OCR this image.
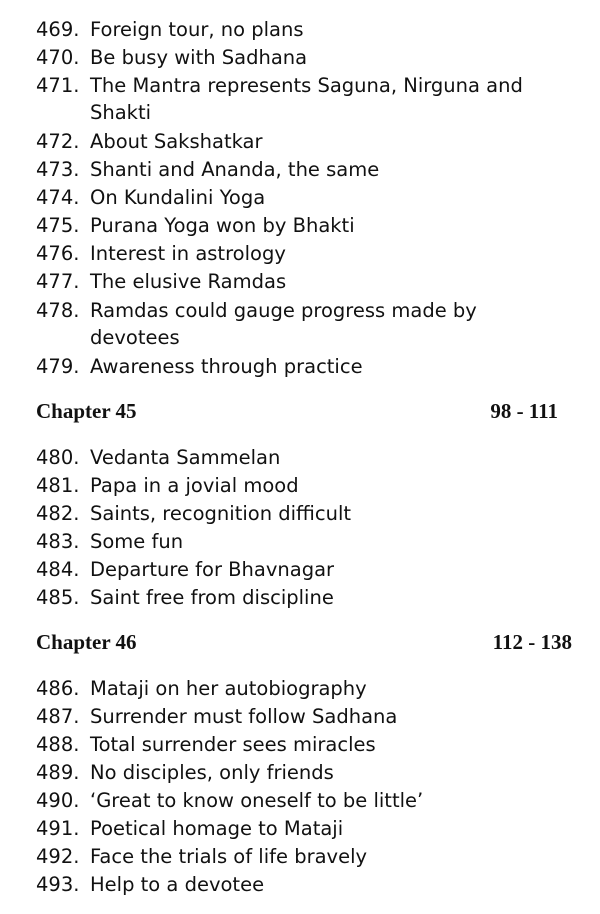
469. Foreign tour, no plans
470. Be busy with Sadhana
471. The Mantra represents Saguna, Nirguna and
Shakti
472. About Sakshatkar
473. Shanti and Ananda, the same
474. On Kundalini Yoga
475. Purana Yoga won by Bhakti
476. Interest in astrology
477. The elusive Ramdas
478. Ramdas could gauge progress made by
devotees
479. Awareness through practice
Chapter 45	98 - 111
480. Vedanta Sammelan
481. Papa in a jovial mood
482. Saints, recognition difficult
483. Some fun
484. Departure for Bhavnagar
485. Saint free from discipline
Chapter 46	112 - 138
486. Mataji on her autobiography
487. Surrender must follow Sadhana
488. Total surrender sees miracles
489. No disciples, only friends
490. ‘Great to know oneself to be little’
491. Poetical homage to Mataji
492. Face the trials of life bravely
493. Help to a devotee
